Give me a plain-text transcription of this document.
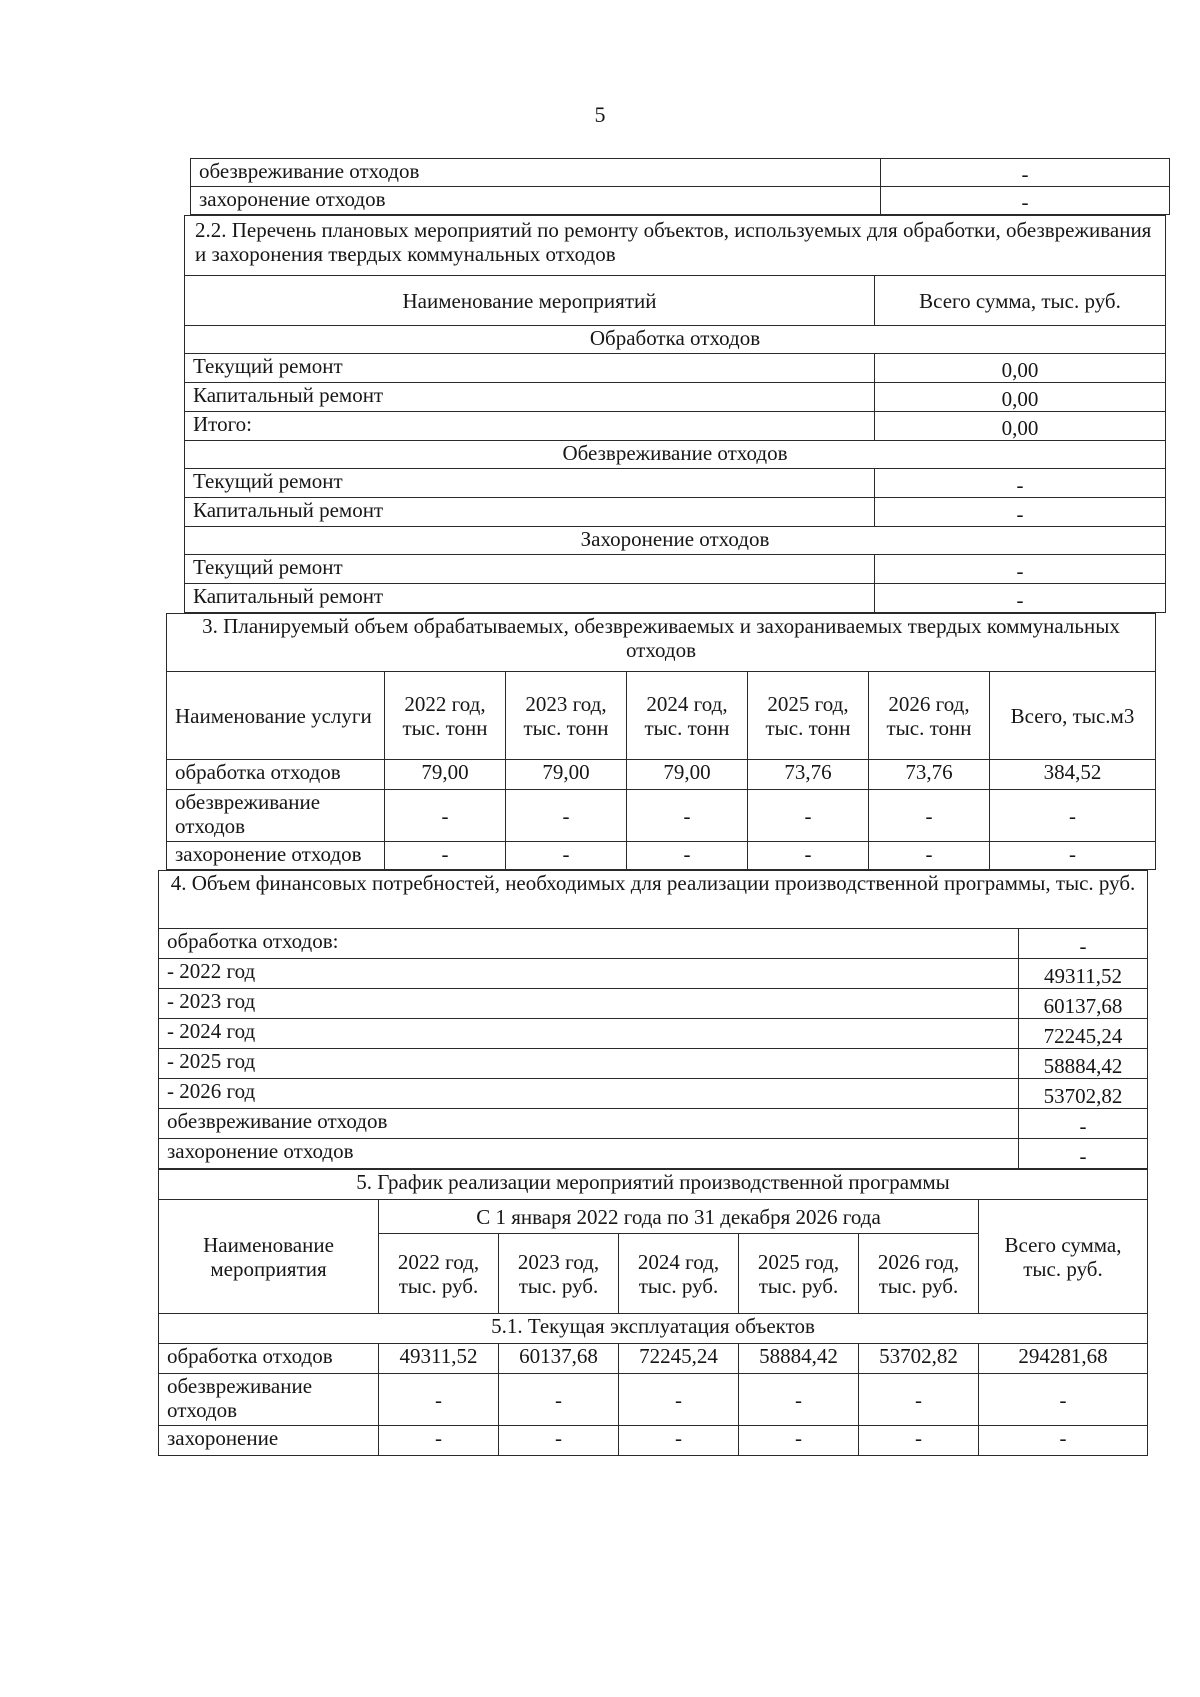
5
обезвреживание отходов	-
захоронение отходов	-
2.2. Перечень плановых мероприятий по ремонту объектов, используемых для обработки, обезвреживания и захоронения твердых коммунальных отходов	
Наименование мероприятий	Всего сумма, тыс. руб.
Обработка отходов	
Текущий ремонт	0,00
Капитальный ремонт	0,00
Итого:	0,00
Обезвреживание отходов	
Текущий ремонт	-
Капитальный ремонт	-
Захоронение отходов	
Текущий ремонт	-
Капитальный ремонт	-
3. Планируемый объем обрабатываемых, обезвреживаемых и захораниваемых твердых коммунальных отходов						
Наименование услуги	2022 год, тыс. тонн	2023 год, тыс. тонн	2024 год, тыс. тонн	2025 год, тыс. тонн	2026 год, тыс. тонн	Всего, тыс.м3
обработка отходов	79,00	79,00	79,00	73,76	73,76	384,52
обезвреживание отходов	-	-	-	-	-	-
захоронение отходов	-	-	-	-	-	-
4. Объем финансовых потребностей, необходимых для реализации производственной программы, тыс. руб.	
обработка отходов:	-
- 2022 год	49311,52
- 2023 год	60137,68
- 2024 год	72245,24
- 2025 год	58884,42
- 2026 год	53702,82
обезвреживание отходов	-
захоронение отходов	-
5. График реализации мероприятий производственной программы						
Наименование мероприятия	С 1 января 2022 года по 31 декабря 2026 года					Всего сумма, тыс. руб.
	2022 год, тыс. руб.	2023 год, тыс. руб.	2024 год, тыс. руб.	2025 год, тыс. руб.	2026 год, тыс. руб.	
5.1. Текущая эксплуатация объектов						
обработка отходов	49311,52	60137,68	72245,24	58884,42	53702,82	294281,68
обезвреживание отходов	-	-	-	-	-	-
захоронение	-	-	-	-	-	-
